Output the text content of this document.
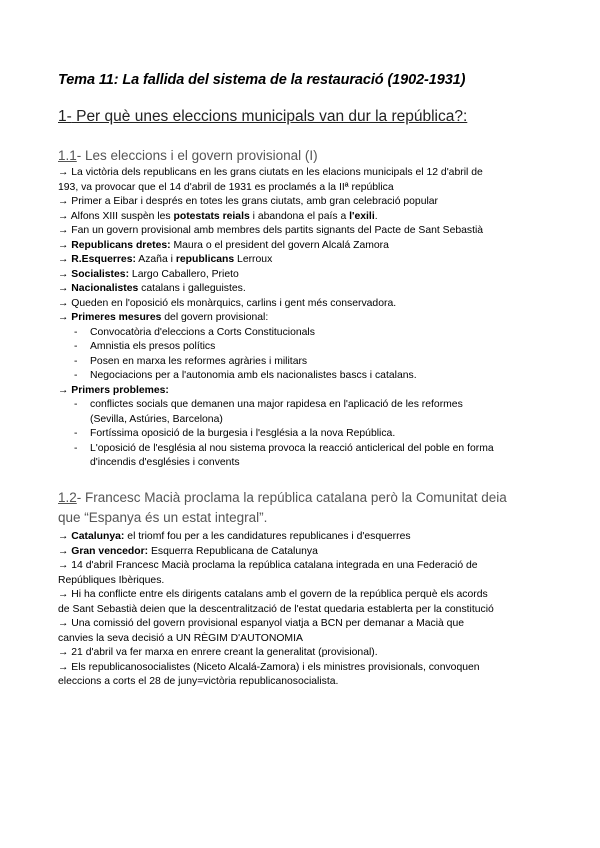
Tema 11: La fallida del sistema de la restauració (1902-1931)
1- Per què unes eleccions municipals van dur la república?:
1.1- Les eleccions i el govern provisional (I)
→ La victòria dels republicans en les grans ciutats en les elacions municipals el 12 d'abril de
193, va provocar que el 14 d'abril de 1931 es proclamés a la IIª república
→ Primer a Eibar i després en totes les grans ciutats, amb gran celebració popular
→ Alfons XIII suspèn les potestats reials i abandona el país a l'exili.
→ Fan un govern provisional amb membres dels partits signants del Pacte de Sant Sebastià
→ Republicans dretes: Maura o el president del govern Alcalá Zamora
→ R.Esquerres: Azaña i republicans Lerroux
→ Socialistes: Largo Caballero, Prieto
→ Nacionalistes catalans i galleguistes.
→ Queden en l'oposició els monàrquics, carlins i gent més conservadora.
→ Primeres mesures del govern provisional:
- Convocatòria d'eleccions a Corts Constitucionals
- Amnistia els presos polítics
- Posen en marxa les reformes agràries i militars
- Negociacions per a l'autonomia amb els nacionalistes bascs i catalans.
→ Primers problemes:
- conflictes socials que demanen una major rapidesa en l'aplicació de les reformes
(Sevilla, Astúries, Barcelona)
- Fortíssima oposició de la burgesia i l'església a la nova República.
- L'oposició de l'església al nou sistema provoca la reacció anticlerical del poble en forma
d'incendis d'esglésies i convents
1.2- Francesc Macià proclama la república catalana però la Comunitat deia
que “Espanya és un estat integral”.
→ Catalunya: el triomf fou per a les candidatures republicanes i d'esquerres
→ Gran vencedor: Esquerra Republicana de Catalunya
→ 14 d'abril Francesc Macià proclama la república catalana integrada en una Federació de
Repúbliques Ibèriques.
→ Hi ha conflicte entre els dirigents catalans amb el govern de la república perquè els acords
de Sant Sebastià deien que la descentralització de l'estat quedaria establerta per la constitució
→ Una comissió del govern provisional espanyol viatja a BCN per demanar a Macià que
canvies la seva decisió a UN RÈGIM D'AUTONOMIA
→ 21 d'abril va fer marxa en enrere creant la generalitat (provisional).
→ Els republicanosocialistes (Niceto Alcalá-Zamora) i els ministres provisionals, convoquen
eleccions a corts el 28 de juny=victòria republicanosocialista.
